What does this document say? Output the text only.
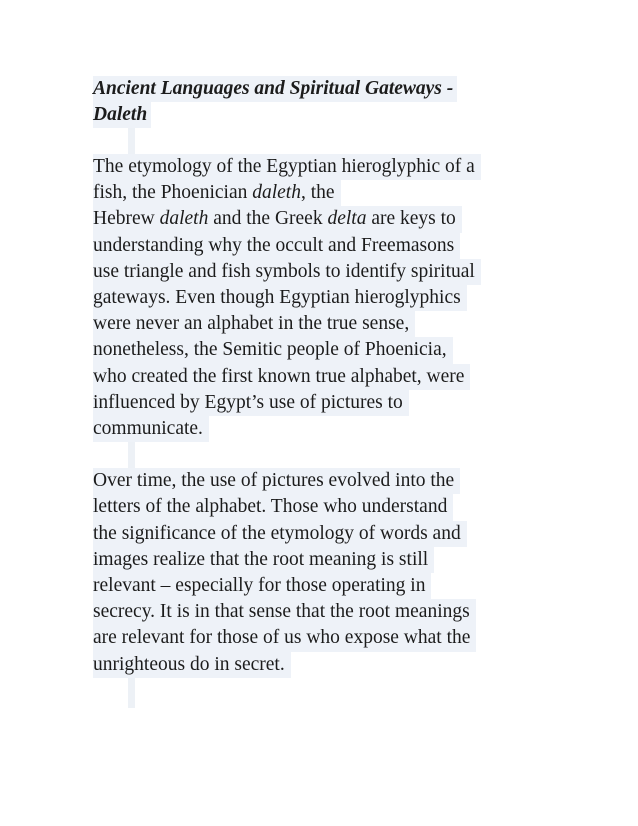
Ancient Languages and Spiritual Gateways -
Daleth

The etymology of the Egyptian hieroglyphic of a
fish, the Phoenician daleth, the
Hebrew daleth and the Greek delta are keys to
understanding why the occult and Freemasons
use triangle and fish symbols to identify spiritual
gateways. Even though Egyptian hieroglyphics
were never an alphabet in the true sense,
nonetheless, the Semitic people of Phoenicia,
who created the first known true alphabet, were
influenced by Egypt’s use of pictures to
communicate.

Over time, the use of pictures evolved into the
letters of the alphabet. Those who understand
the significance of the etymology of words and
images realize that the root meaning is still
relevant – especially for those operating in
secrecy. It is in that sense that the root meanings
are relevant for those of us who expose what the
unrighteous do in secret.
